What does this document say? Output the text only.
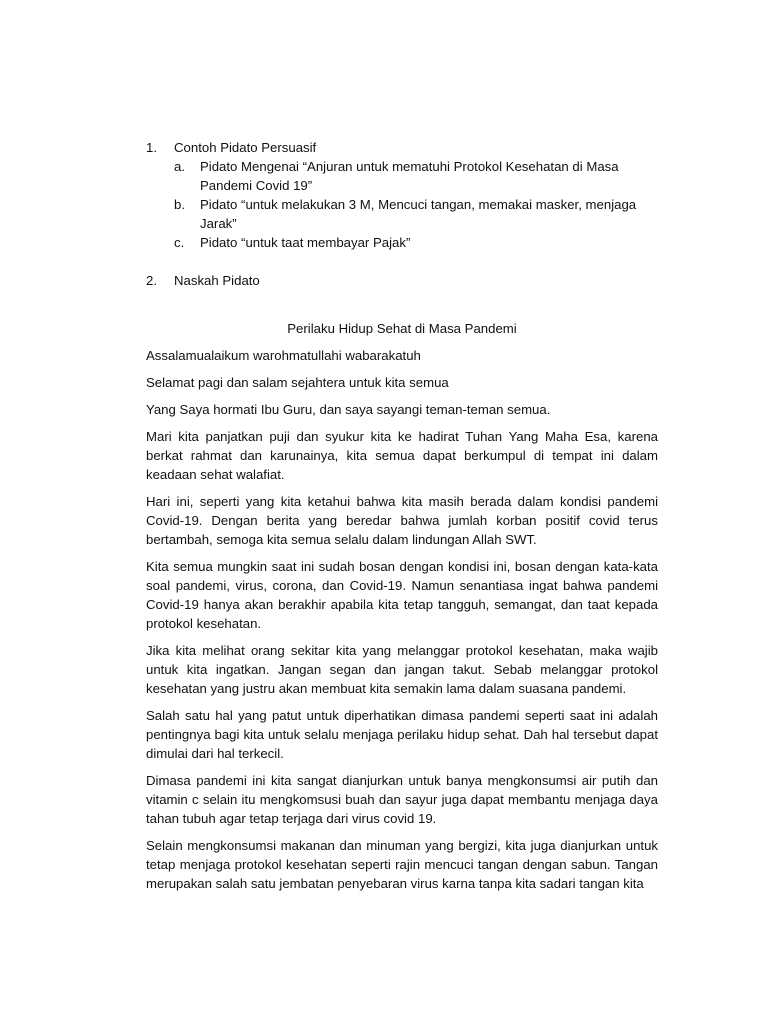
1.	Contoh Pidato Persuasif
a.	Pidato Mengenai “Anjuran untuk mematuhi Protokol Kesehatan di Masa Pandemi Covid 19”
b.	Pidato “untuk melakukan 3 M, Mencuci tangan, memakai masker, menjaga Jarak”
c.	Pidato “untuk taat membayar Pajak”
2.	Naskah Pidato
Perilaku Hidup Sehat di Masa Pandemi

Assalamualaikum warohmatullahi wabarakatuh

Selamat pagi dan salam sejahtera untuk kita semua

Yang Saya hormati Ibu Guru, dan saya sayangi teman-teman semua.

Mari kita panjatkan puji dan syukur kita ke hadirat Tuhan Yang Maha Esa, karena berkat rahmat dan karunainya, kita semua dapat berkumpul di tempat ini dalam keadaan sehat walafiat.

Hari ini, seperti yang kita ketahui bahwa kita masih berada dalam kondisi pandemi Covid-19. Dengan berita yang beredar bahwa jumlah korban positif covid terus bertambah, semoga kita semua selalu dalam lindungan Allah SWT.

Kita semua mungkin saat ini sudah bosan dengan kondisi ini, bosan dengan kata-kata soal pandemi, virus, corona, dan Covid-19. Namun senantiasa ingat bahwa pandemi Covid-19 hanya akan berakhir apabila kita tetap tangguh, semangat, dan taat kepada protokol kesehatan.

Jika kita melihat orang sekitar kita yang melanggar protokol kesehatan, maka wajib untuk kita ingatkan. Jangan segan dan jangan takut. Sebab melanggar protokol kesehatan yang justru akan membuat kita semakin lama dalam suasana pandemi.

Salah satu hal yang patut untuk diperhatikan dimasa pandemi seperti saat ini adalah pentingnya bagi kita untuk selalu menjaga perilaku hidup sehat. Dah hal tersebut dapat dimulai dari hal terkecil.

Dimasa pandemi ini kita sangat dianjurkan untuk banya mengkonsumsi air putih dan vitamin c selain itu mengkomsusi buah dan sayur juga dapat membantu menjaga daya tahan tubuh agar tetap terjaga dari virus covid 19.

Selain mengkonsumsi makanan dan minuman yang bergizi, kita juga dianjurkan untuk tetap menjaga protokol kesehatan seperti rajin mencuci tangan dengan sabun. Tangan merupakan salah satu jembatan penyebaran virus karna tanpa kita sadari tangan kita
